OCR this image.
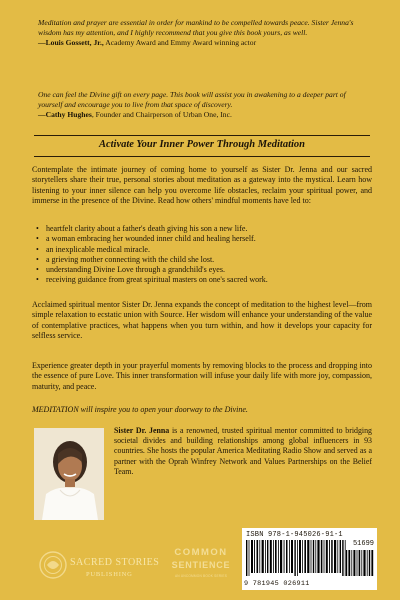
Meditation and prayer are essential in order for mankind to be compelled towards peace. Sister Jenna's wisdom has my attention, and I highly recommend that you give this book yours, as well.
—Louis Gossett, Jr., Academy Award and Emmy Award winning actor
One can feel the Divine gift on every page. This book will assist you in awakening to a deeper part of yourself and encourage you to live from that space of discovery.
—Cathy Hughes, Founder and Chairperson of Urban One, Inc.
Activate Your Inner Power Through Meditation
Contemplate the intimate journey of coming home to yourself as Sister Dr. Jenna and our sacred storytellers share their true, personal stories about meditation as a gateway into the mystical. Learn how listening to your inner silence can help you overcome life obstacles, reclaim your spiritual power, and immerse in the presence of the Divine. Read how others' mindful moments have led to:
• heartfelt clarity about a father's death giving his son a new life.
• a woman embracing her wounded inner child and healing herself.
• an inexplicable medical miracle.
• a grieving mother connecting with the child she lost.
• understanding Divine Love through a grandchild's eyes.
• receiving guidance from great spiritual masters on one's sacred work.
Acclaimed spiritual mentor Sister Dr. Jenna expands the concept of meditation to the highest level—from simple relaxation to ecstatic union with Source. Her wisdom will enhance your understanding of the value of contemplative practices, what happens when you turn within, and how it develops your capacity for selfless service.
Experience greater depth in your prayerful moments by removing blocks to the process and dropping into the essence of pure Love. This inner transformation will infuse your daily life with more joy, compassion, maturity, and peace.
MEDITATION will inspire you to open your doorway to the Divine.
Sister Dr. Jenna is a renowned, trusted spiritual mentor committed to bridging societal divides and building relationships among global influencers in 93 countries. She hosts the popular America Meditating Radio Show and served as a partner with the Oprah Winfrey Network and Values Partnerships on the Belief Team.
SACRED STORIES
PUBLISHING
COMMON
SENTIENCE
AN UNCOMMON BOOK SERIES
ISBN 978-1-945026-91-1
51699
9 781945 026911
